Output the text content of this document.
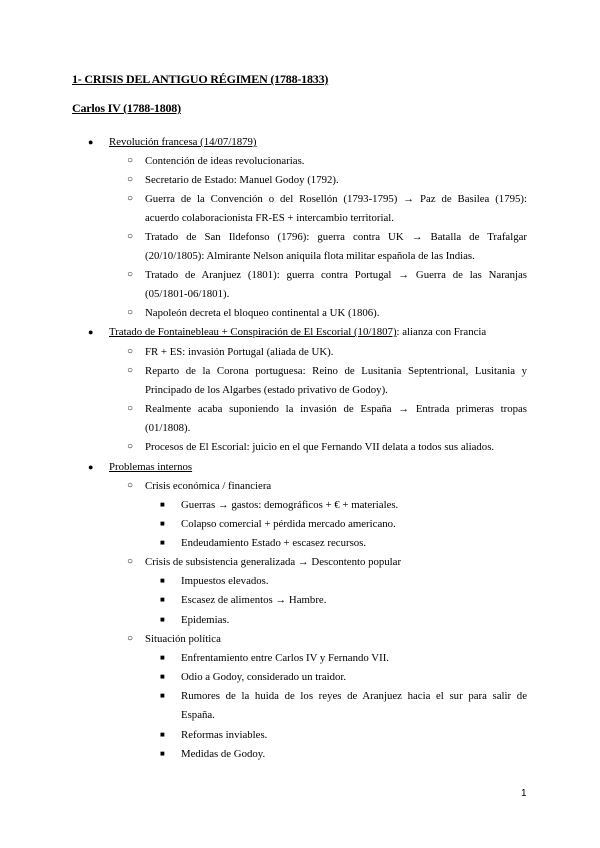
1- CRISIS DEL ANTIGUO RÉGIMEN (1788-1833)
Carlos IV (1788-1808)
● Revolución francesa (14/07/1879)
○ Contención de ideas revolucionarias.
○ Secretario de Estado: Manuel Godoy (1792).
○ Guerra de la Convención o del Rosellón (1793-1795) → Paz de Basilea (1795):
acuerdo colaboracionista FR-ES + intercambio territorial.
○ Tratado de San Ildefonso (1796): guerra contra UK → Batalla de Trafalgar
(20/10/1805): Almirante Nelson aniquila flota militar española de las Indias.
○ Tratado de Aranjuez (1801): guerra contra Portugal → Guerra de las Naranjas
(05/1801-06/1801).
○ Napoleón decreta el bloqueo continental a UK (1806).
● Tratado de Fontainebleau + Conspiración de El Escorial (10/1807): alianza con Francia
○ FR + ES: invasión Portugal (aliada de UK).
○ Reparto de la Corona portuguesa: Reino de Lusitania Septentrional, Lusitania y
Principado de los Algarbes (estado privativo de Godoy).
○ Realmente acaba suponiendo la invasión de España → Entrada primeras tropas
(01/1808).
○ Procesos de El Escorial: juicio en el que Fernando VII delata a todos sus aliados.
● Problemas internos
○ Crisis económica / financiera
■ Guerras → gastos: demográficos + € + materiales.
■ Colapso comercial + pérdida mercado americano.
■ Endeudamiento Estado + escasez recursos.
○ Crisis de subsistencia generalizada → Descontento popular
■ Impuestos elevados.
■ Escasez de alimentos → Hambre.
■ Epidemias.
○ Situación política
■ Enfrentamiento entre Carlos IV y Fernando VII.
■ Odio a Godoy, considerado un traidor.
■ Rumores de la huida de los reyes de Aranjuez hacia el sur para salir de
España.
■ Reformas inviables.
■ Medidas de Godoy.
1
